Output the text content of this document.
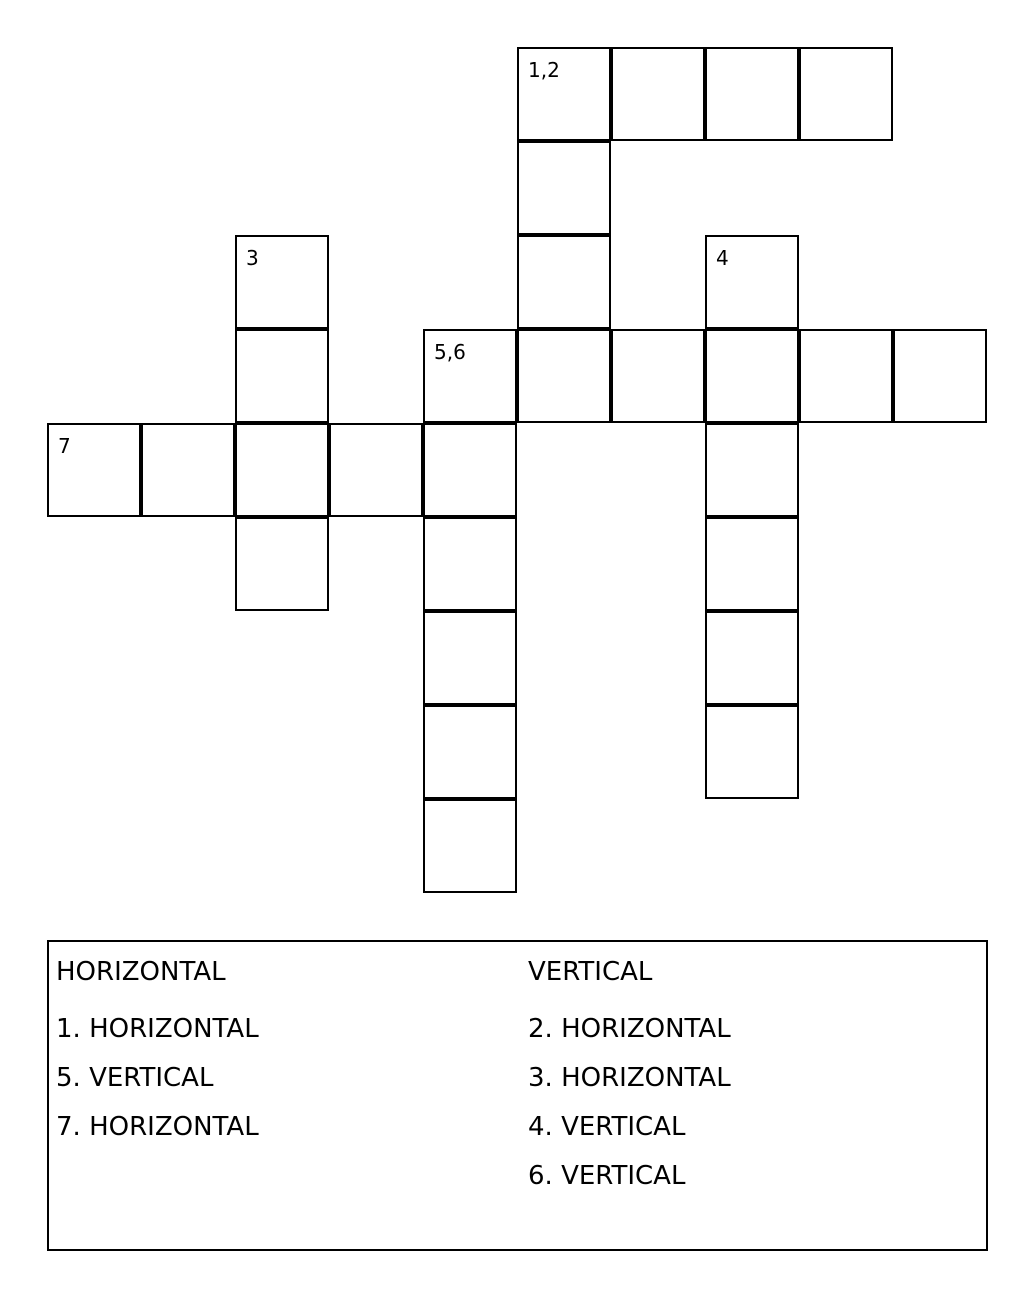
1,2
3	4
5,6
7
HORIZONTAL
1. HORIZONTAL
5. VERTICAL
7. HORIZONTAL
VERTICAL
2. HORIZONTAL
3. HORIZONTAL
4. VERTICAL
6. VERTICAL
